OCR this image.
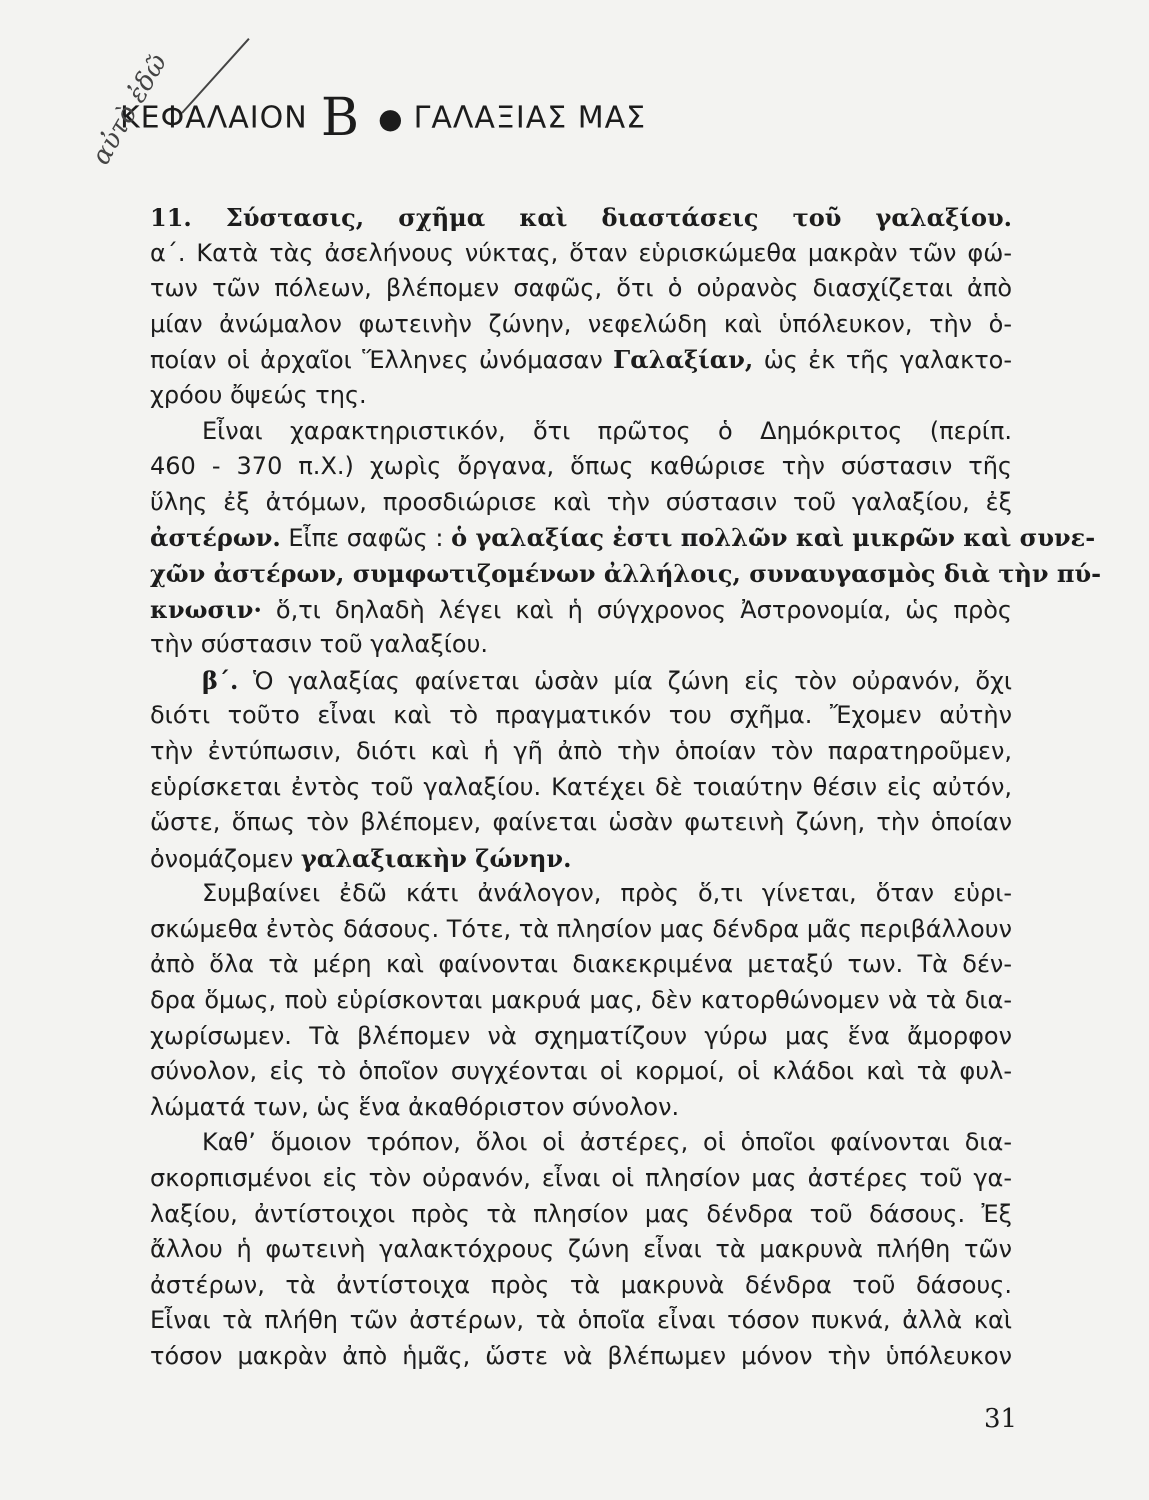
ΚΕΦΑΛΑΙΟΝ Β ● ΓΑΛΑΞΙΑΣ ΜΑΣ
αὐτὸ ἐδῶ
11. Σύστασις, σχῆμα καὶ διαστάσεις τοῦ γαλαξίου.
α΄. Κατὰ τὰς ἀσελήνους νύκτας, ὅταν εὑρισκώμεθα μακρὰν τῶν φώ-
των τῶν πόλεων, βλέπομεν σαφῶς, ὅτι ὁ οὐρανὸς διασχίζεται ἀπὸ
μίαν ἀνώμαλον φωτεινὴν ζώνην, νεφελώδη καὶ ὑπόλευκον, τὴν ὁ-
ποίαν οἱ ἀρχαῖοι Ἕλληνες ὠνόμασαν Γαλαξίαν, ὡς ἐκ τῆς γαλακτο-
χρόου ὄψεώς της.
Εἶναι χαρακτηριστικόν, ὅτι πρῶτος ὁ Δημόκριτος (περίπ.
460 - 370 π.Χ.) χωρὶς ὄργανα, ὅπως καθώρισε τὴν σύστασιν τῆς
ὕλης ἐξ ἀτόμων, προσδιώρισε καὶ τὴν σύστασιν τοῦ γαλαξίου, ἐξ
ἀστέρων. Εἶπε σαφῶς : ὁ γαλαξίας ἐστι πολλῶν καὶ μικρῶν καὶ συνε-
χῶν ἀστέρων, συμφωτιζομένων ἀλλήλοις, συναυγασμὸς διὰ τὴν πύ-
κνωσιν· ὅ,τι δηλαδὴ λέγει καὶ ἡ σύγχρονος Ἀστρονομία, ὡς πρὸς
τὴν σύστασιν τοῦ γαλαξίου.
β΄. Ὁ γαλαξίας φαίνεται ὡσὰν μία ζώνη εἰς τὸν οὐρανόν, ὄχι
διότι τοῦτο εἶναι καὶ τὸ πραγματικόν του σχῆμα. Ἔχομεν αὐτὴν
τὴν ἐντύπωσιν, διότι καὶ ἡ γῆ ἀπὸ τὴν ὁποίαν τὸν παρατηροῦμεν,
εὑρίσκεται ἐντὸς τοῦ γαλαξίου. Κατέχει δὲ τοιαύτην θέσιν εἰς αὐτόν,
ὥστε, ὅπως τὸν βλέπομεν, φαίνεται ὡσὰν φωτεινὴ ζώνη, τὴν ὁποίαν
ὀνομάζομεν γαλαξιακὴν ζώνην.
Συμβαίνει ἐδῶ κάτι ἀνάλογον, πρὸς ὅ,τι γίνεται, ὅταν εὑρι-
σκώμεθα ἐντὸς δάσους. Τότε, τὰ πλησίον μας δένδρα μᾶς περιβάλλουν
ἀπὸ ὅλα τὰ μέρη καὶ φαίνονται διακεκριμένα μεταξύ των. Τὰ δέν-
δρα ὅμως, ποὺ εὑρίσκονται μακρυά μας, δὲν κατορθώνομεν νὰ τὰ δια-
χωρίσωμεν. Τὰ βλέπομεν νὰ σχηματίζουν γύρω μας ἕνα ἄμορφον
σύνολον, εἰς τὸ ὁποῖον συγχέονται οἱ κορμοί, οἱ κλάδοι καὶ τὰ φυλ-
λώματά των, ὡς ἕνα ἀκαθόριστον σύνολον.
Καθ’ ὅμοιον τρόπον, ὅλοι οἱ ἀστέρες, οἱ ὁποῖοι φαίνονται δια-
σκορπισμένοι εἰς τὸν οὐρανόν, εἶναι οἱ πλησίον μας ἀστέρες τοῦ γα-
λαξίου, ἀντίστοιχοι πρὸς τὰ πλησίον μας δένδρα τοῦ δάσους. Ἐξ
ἄλλου ἡ φωτεινὴ γαλακτόχρους ζώνη εἶναι τὰ μακρυνὰ πλήθη τῶν
ἀστέρων, τὰ ἀντίστοιχα πρὸς τὰ μακρυνὰ δένδρα τοῦ δάσους.
Εἶναι τὰ πλήθη τῶν ἀστέρων, τὰ ὁποῖα εἶναι τόσον πυκνά, ἀλλὰ καὶ
τόσον μακρὰν ἀπὸ ἡμᾶς, ὥστε νὰ βλέπωμεν μόνον τὴν ὑπόλευκον
31
